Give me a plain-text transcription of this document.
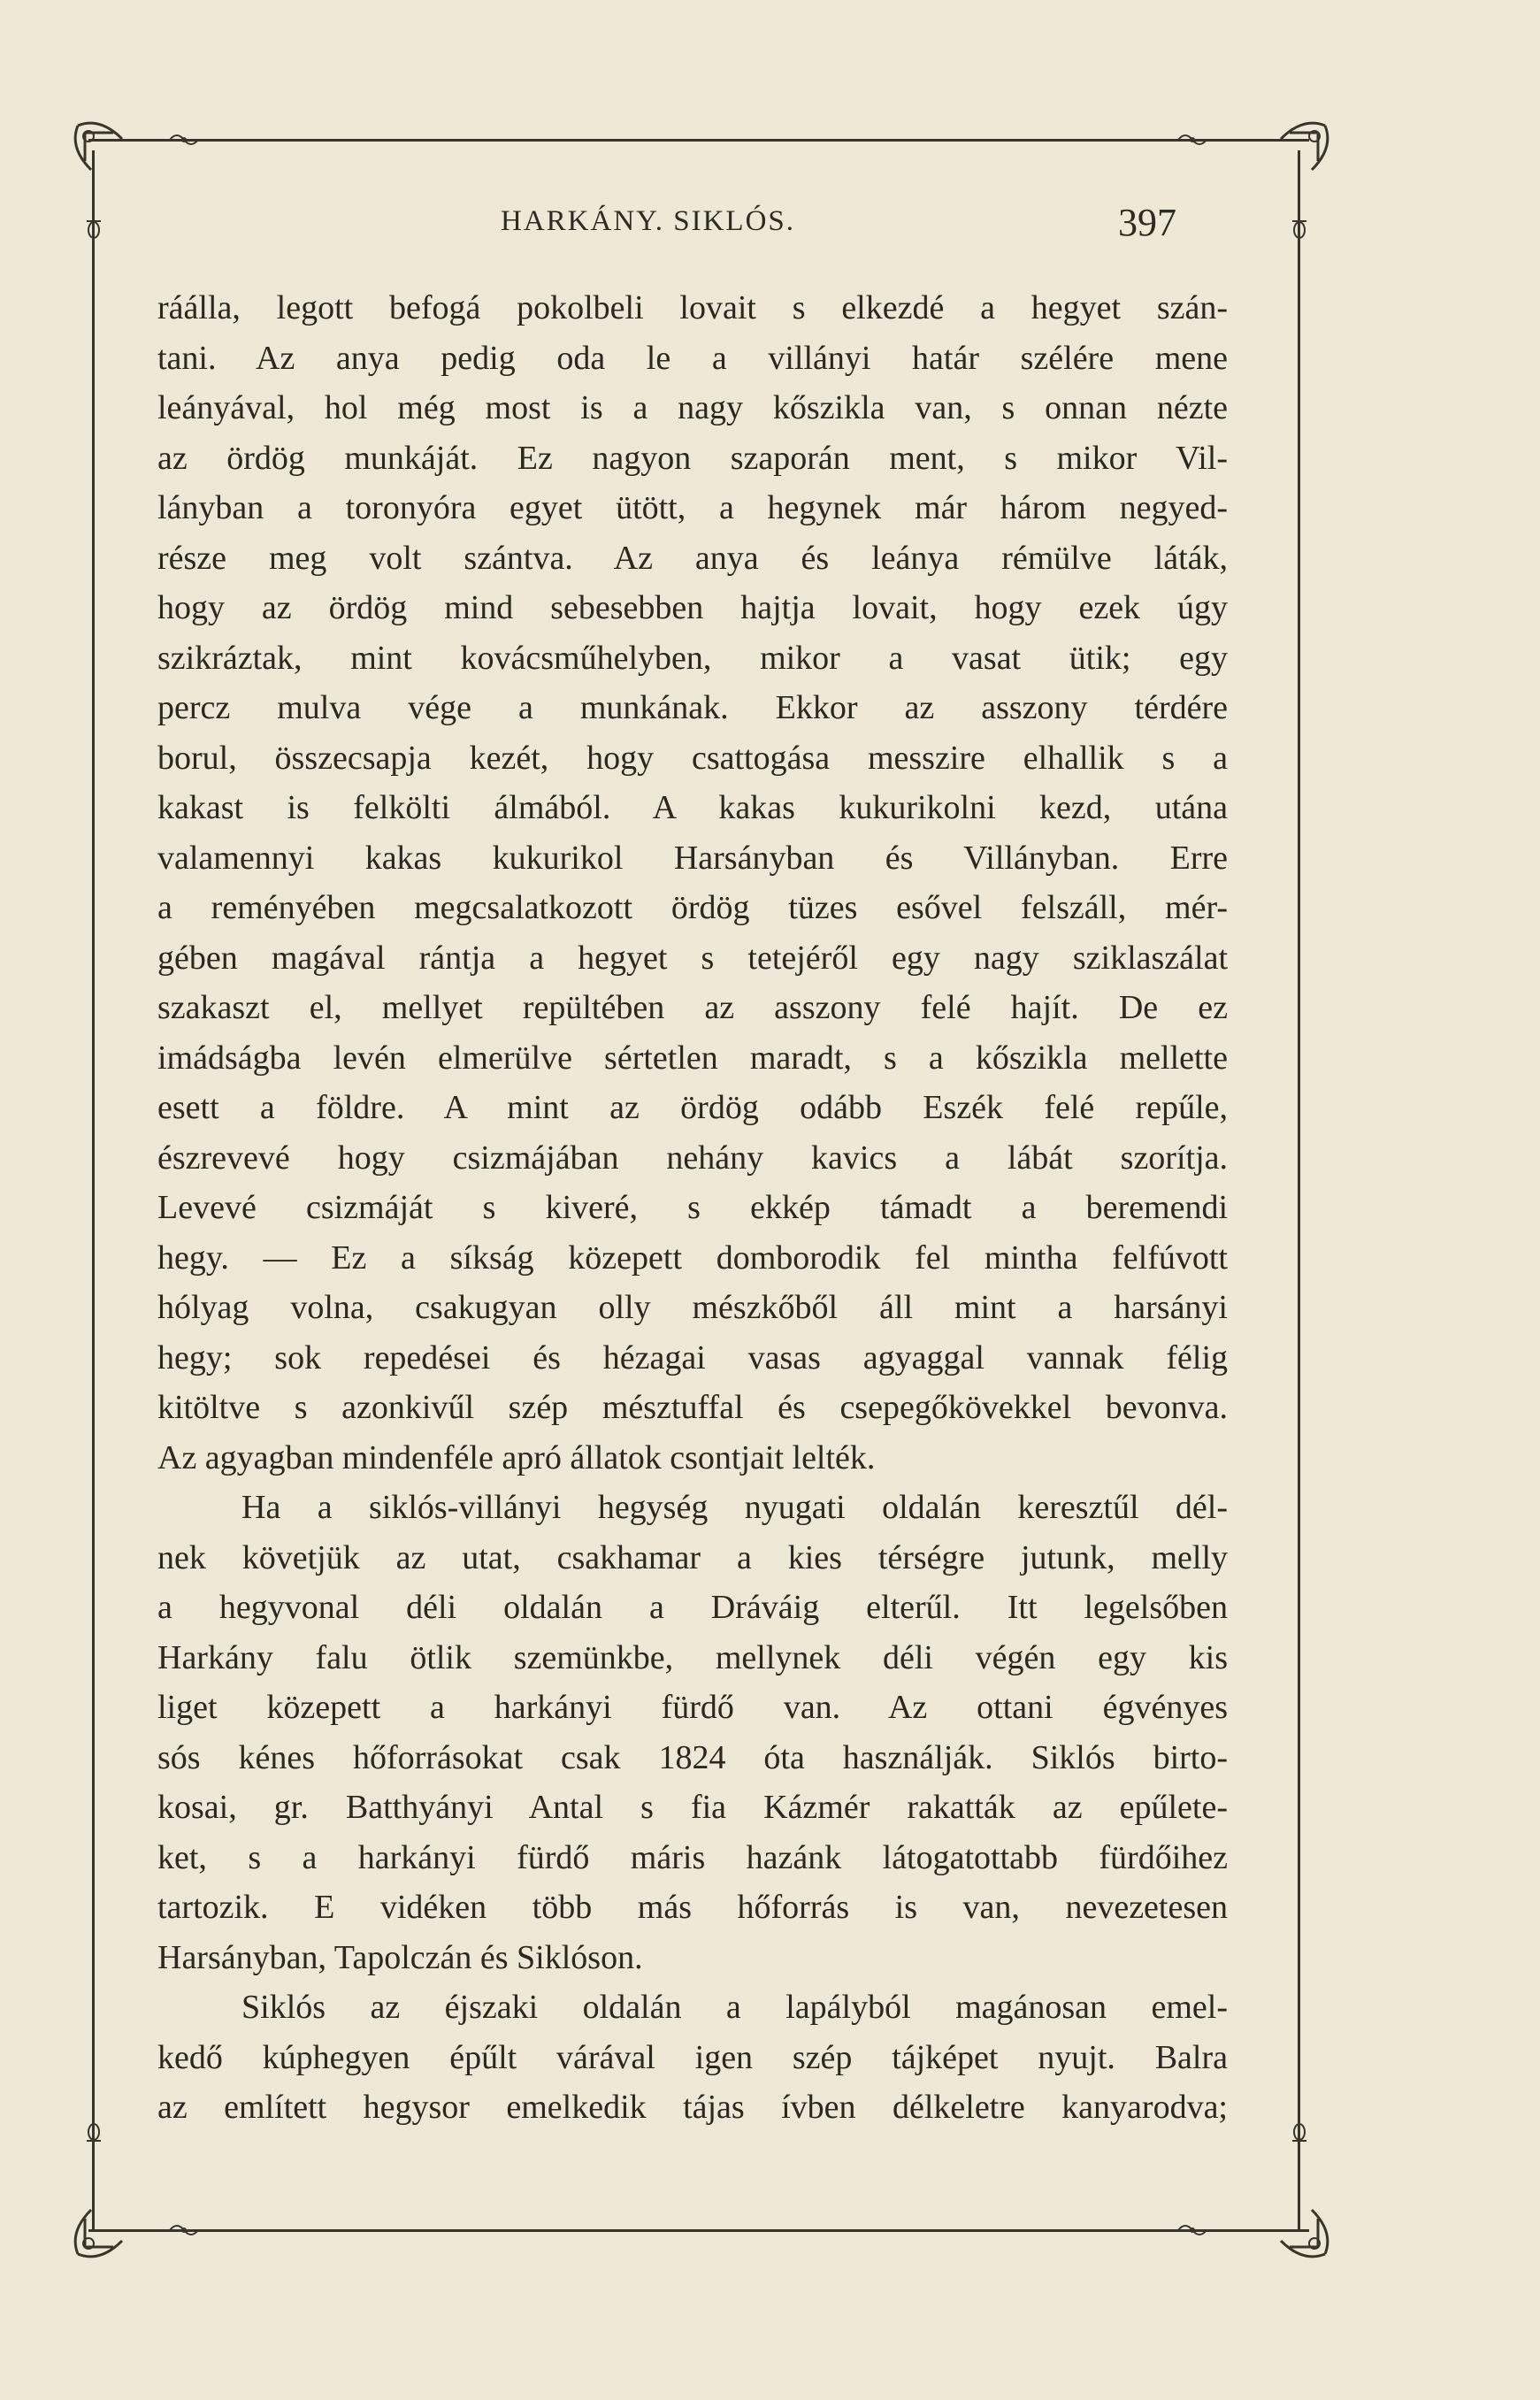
HARKÁNY. SIKLÓS.	397
ráálla, legott befogá pokolbeli lovait s elkezdé a hegyet szán-
tani. Az anya pedig oda le a villányi határ szélére mene
leányával, hol még most is a nagy kőszikla van, s onnan nézte
az ördög munkáját. Ez nagyon szaporán ment, s mikor Vil-
lányban a toronyóra egyet ütött, a hegynek már három negyed-
része meg volt szántva. Az anya és leánya rémülve láták,
hogy az ördög mind sebesebben hajtja lovait, hogy ezek úgy
szikráztak, mint kovácsműhelyben, mikor a vasat ütik; egy
percz mulva vége a munkának. Ekkor az asszony térdére
borul, összecsapja kezét, hogy csattogása messzire elhallik s a
kakast is felkölti álmából. A kakas kukurikolni kezd, utána
valamennyi kakas kukurikol Harsányban és Villányban. Erre
a reményében megcsalatkozott ördög tüzes esővel felszáll, mér-
gében magával rántja a hegyet s tetejéről egy nagy sziklaszálat
szakaszt el, mellyet repültében az asszony felé hajít. De ez
imádságba levén elmerülve sértetlen maradt, s a kőszikla mellette
esett a földre. A mint az ördög odább Eszék felé repűle,
észrevevé hogy csizmájában nehány kavics a lábát szorítja.
Levevé csizmáját s kiveré, s ekkép támadt a beremendi
hegy. — Ez a síkság közepett domborodik fel mintha felfúvott
hólyag volna, csakugyan olly mészkőből áll mint a harsányi
hegy; sok repedései és hézagai vasas agyaggal vannak félig
kitöltve s azonkivűl szép mésztuffal és csepegőkövekkel bevonva.
Az agyagban mindenféle apró állatok csontjait lelték.
Ha a siklós-villányi hegység nyugati oldalán keresztűl dél-
nek követjük az utat, csakhamar a kies térségre jutunk, melly
a hegyvonal déli oldalán a Dráváig elterűl. Itt legelsőben
Harkány falu ötlik szemünkbe, mellynek déli végén egy kis
liget közepett a harkányi fürdő van. Az ottani égvényes
sós kénes hőforrásokat csak 1824 óta használják. Siklós birto-
kosai, gr. Batthyányi Antal s fia Kázmér rakatták az epűlete-
ket, s a harkányi fürdő máris hazánk látogatottabb fürdőihez
tartozik. E vidéken több más hőforrás is van, nevezetesen
Harsányban, Tapolczán és Siklóson.
Siklós az éjszaki oldalán a lapályból magánosan emel-
kedő kúphegyen épűlt várával igen szép tájképet nyujt. Balra
az említett hegysor emelkedik tájas ívben délkeletre kanyarodva;
